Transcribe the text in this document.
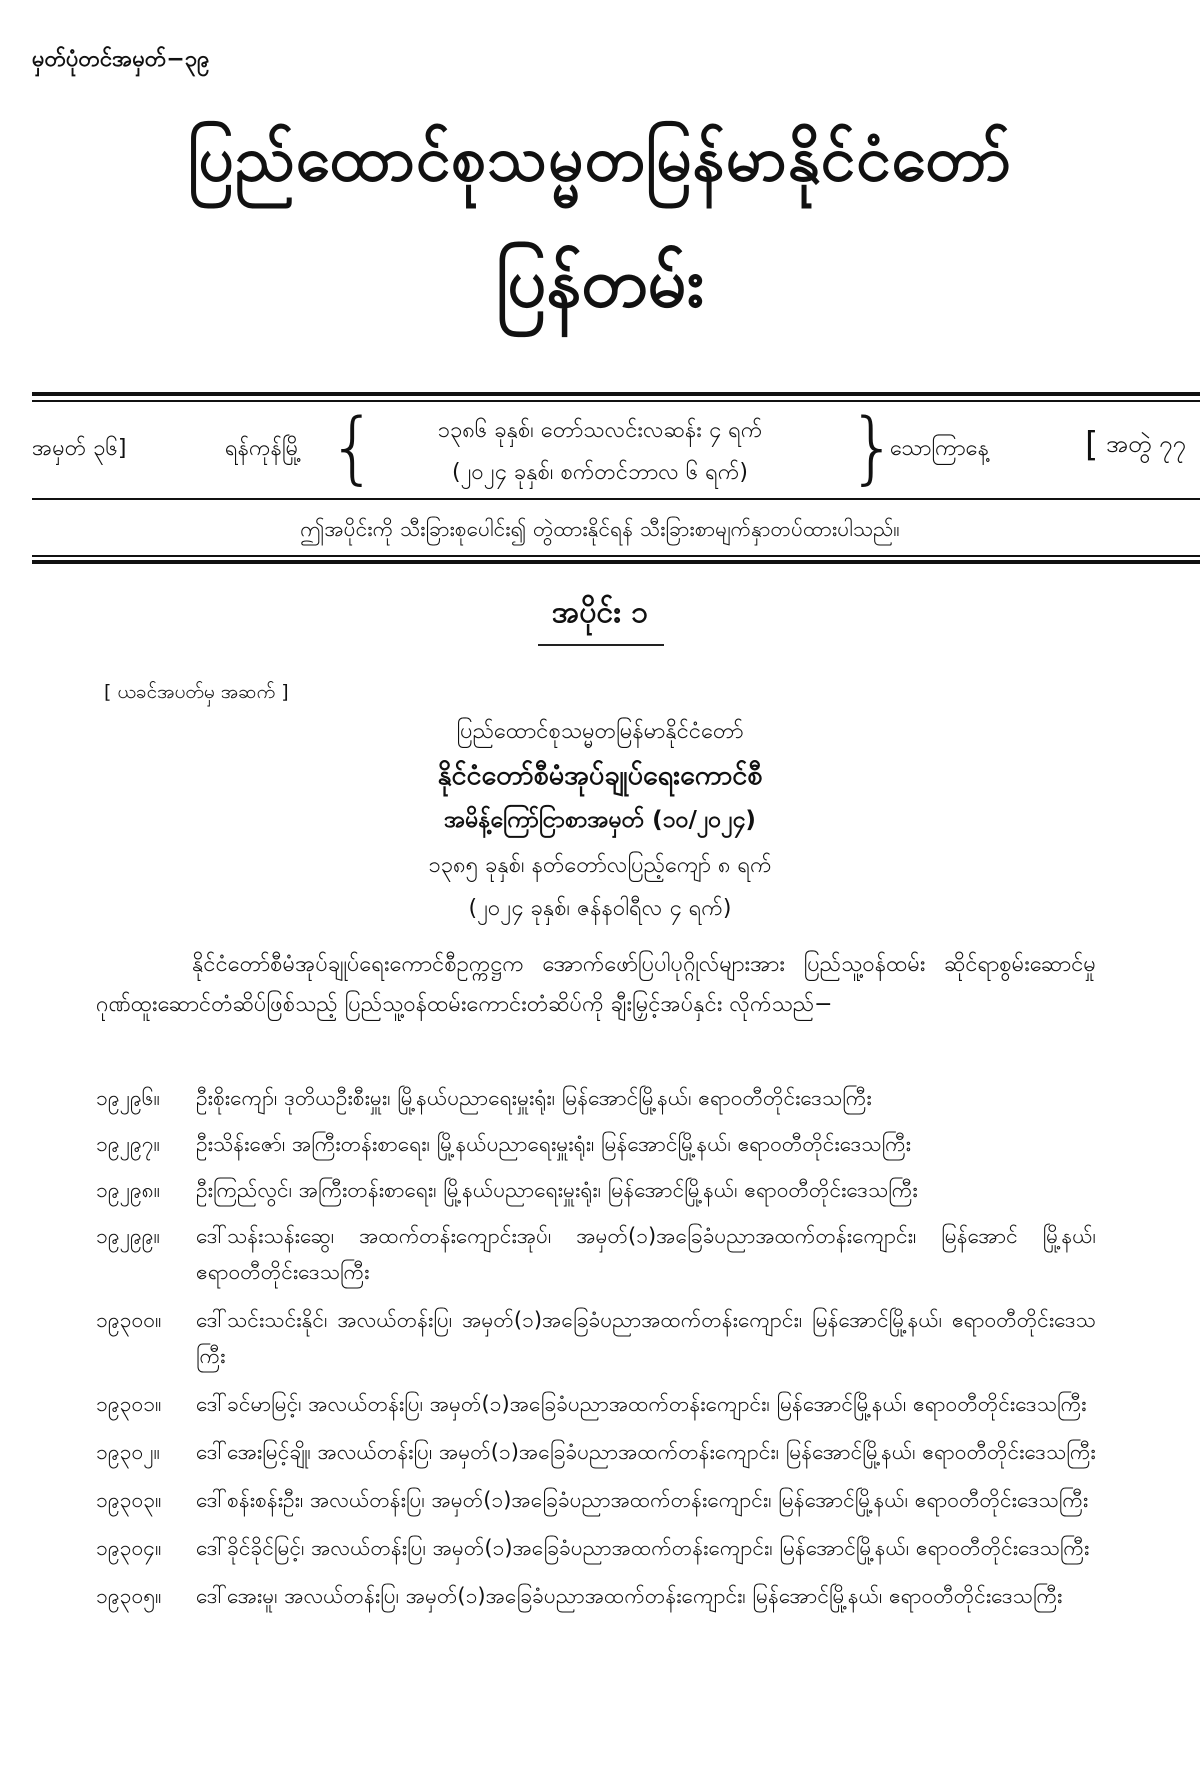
မှတ်ပုံတင်အမှတ်−၃၉
ပြည်ထောင်စုသမ္မတမြန်မာနိုင်ငံတော်
ပြန်တမ်း
အမှတ် ၃၆]	ရန်ကုန်မြို့ {	၁၃၈၆ ခုနှစ်၊ တော်သလင်းလဆန်း ၄ ရက်
(၂၀၂၄ ခုနှစ်၊ စက်တင်ဘာလ ၆ ရက်)	}
သောကြာနေ့	[ အတွဲ ၇၇
ဤအပိုင်းကို သီးခြားစုပေါင်း၍ တွဲထားနိုင်ရန် သီးခြားစာမျက်နှာတပ်ထားပါသည်။
အပိုင်း ၁
[ ယခင်အပတ်မှ အဆက် ]
ပြည်ထောင်စုသမ္မတမြန်မာနိုင်ငံတော်
နိုင်ငံတော်စီမံအုပ်ချုပ်ရေးကောင်စီ
အမိန့်ကြော်ငြာစာအမှတ် (၁၀/၂၀၂၄)
၁၃၈၅ ခုနှစ်၊ နတ်တော်လပြည့်ကျော် ၈ ရက်
(၂၀၂၄ ခုနှစ်၊ ဇန်နဝါရီလ ၄ ရက်)
နိုင်ငံတော်စီမံအုပ်ချုပ်ရေးကောင်စီဥက္ကဋ္ဌက အောက်ဖော်ပြပါပုဂ္ဂိုလ်များအား ပြည်သူ့ဝန်ထမ်း ဆိုင်ရာစွမ်းဆောင်မှု ဂုဏ်ထူးဆောင်တံဆိပ်ဖြစ်သည့် ပြည်သူ့ဝန်ထမ်းကောင်းတံဆိပ်ကို ချီးမြှင့်အပ်နှင်း လိုက်သည်−
၁၉၂၉၆။	ဦးစိုးကျော်၊ ဒုတိယဦးစီးမှူး၊ မြို့နယ်ပညာရေးမှူးရုံး၊ မြန်အောင်မြို့နယ်၊ ဧရာဝတီတိုင်းဒေသကြီး
၁၉၂၉၇။	ဦးသိန်းဇော်၊ အကြီးတန်းစာရေး၊ မြို့နယ်ပညာရေးမှူးရုံး၊ မြန်အောင်မြို့နယ်၊ ဧရာဝတီတိုင်းဒေသကြီး
၁၉၂၉၈။	ဦးကြည်လွင်၊ အကြီးတန်းစာရေး၊ မြို့နယ်ပညာရေးမှူးရုံး၊ မြန်အောင်မြို့နယ်၊ ဧရာဝတီတိုင်းဒေသကြီး
၁၉၂၉၉။	ဒေါ်သန်းသန်းဆွေ၊ အထက်တန်းကျောင်းအုပ်၊ အမှတ်(၁)အခြေခံပညာအထက်တန်းကျောင်း၊ မြန်အောင် မြို့နယ်၊ ဧရာဝတီတိုင်းဒေသကြီး
၁၉၃၀၀။	ဒေါ်သင်းသင်းနိုင်၊ အလယ်တန်းပြ၊ အမှတ်(၁)အခြေခံပညာအထက်တန်းကျောင်း၊ မြန်အောင်မြို့နယ်၊ ဧရာဝတီတိုင်းဒေသကြီး
၁၉၃၀၁။	ဒေါ်ခင်မာမြင့်၊ အလယ်တန်းပြ၊ အမှတ်(၁)အခြေခံပညာအထက်တန်းကျောင်း၊ မြန်အောင်မြို့နယ်၊ ဧရာဝတီတိုင်းဒေသကြီး
၁၉၃၀၂။	ဒေါ်အေးမြင့်ချို၊ အလယ်တန်းပြ၊ အမှတ်(၁)အခြေခံပညာအထက်တန်းကျောင်း၊ မြန်အောင်မြို့နယ်၊ ဧရာဝတီတိုင်းဒေသကြီး
၁၉၃၀၃။	ဒေါ်စန်းစန်းဦး၊ အလယ်တန်းပြ၊ အမှတ်(၁)အခြေခံပညာအထက်တန်းကျောင်း၊ မြန်အောင်မြို့နယ်၊ ဧရာဝတီတိုင်းဒေသကြီး
၁၉၃၀၄။	ဒေါ်ခိုင်ခိုင်မြင့်၊ အလယ်တန်းပြ၊ အမှတ်(၁)အခြေခံပညာအထက်တန်းကျောင်း၊ မြန်အောင်မြို့နယ်၊ ဧရာဝတီတိုင်းဒေသကြီး
၁၉၃၀၅။	ဒေါ်အေးမူ၊ အလယ်တန်းပြ၊ အမှတ်(၁)အခြေခံပညာအထက်တန်းကျောင်း၊ မြန်အောင်မြို့နယ်၊ ဧရာဝတီတိုင်းဒေသကြီး
